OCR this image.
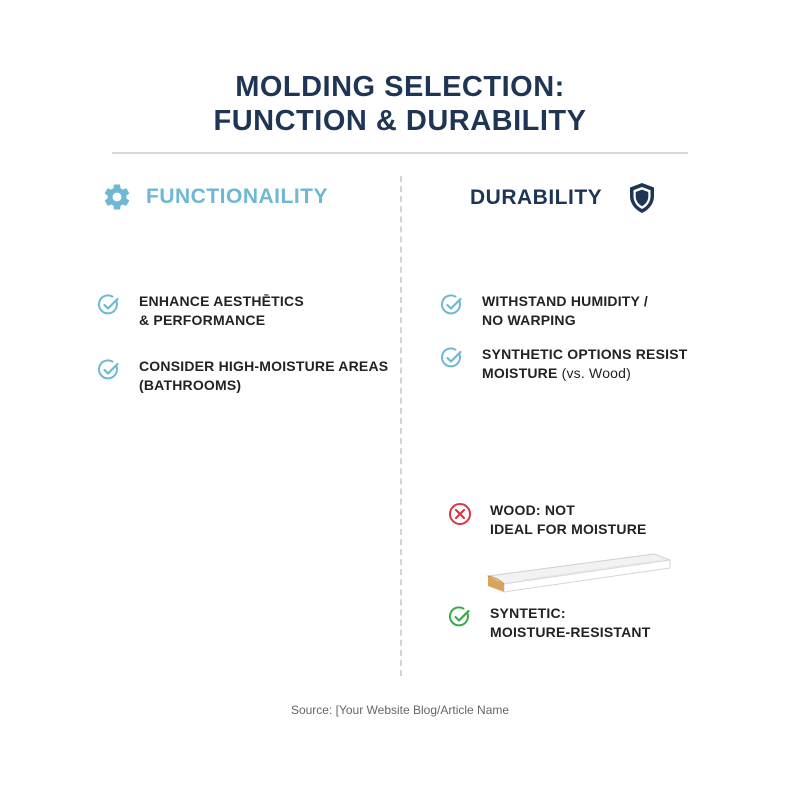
MOLDING SELECTION:
FUNCTION & DURABILITY
FUNCTIONAILITY	DURABILITY
ENHANCE AESTHĒTICS
& PERFORMANCE
CONSIDER HIGH-MOISTURE AREAS
(BATHROOMS)
WITHSTAND HUMIDITY /
NO WARPING
SYNTHETIC OPTIONS RESIST
MOISTURE (vs. Wood)
WOOD: NOT
IDEAL FOR MOISTURE
SYNTETIC:
MOISTURE-RESISTANT
Source: [Your Website Blog/Article Name
